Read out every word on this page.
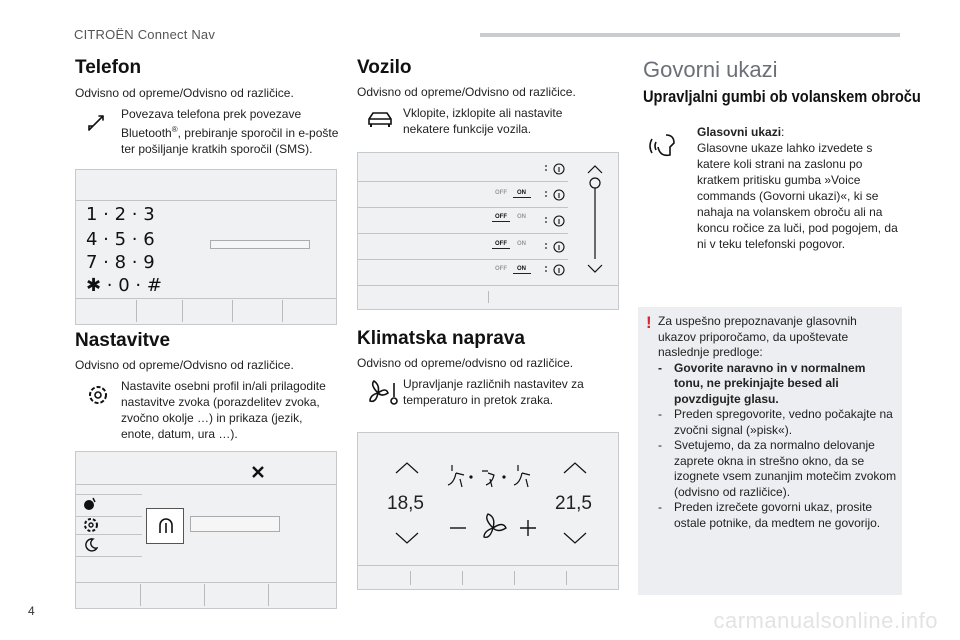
CITROËN Connect Nav
Telefon
Odvisno od opreme/Odvisno od različice.
Povezava telefona prek povezave Bluetooth®, prebiranje sporočil in e-pošte ter pošiljanje kratkih sporočil (SMS).
1 · 2 · 3
4 · 5 · 6
7 · 8 · 9
✱ · 0 · #
Nastavitve
Odvisno od opreme/Odvisno od različice.
Nastavite osebni profil in/ali prilagodite nastavitve zvoka (porazdelitev zvoka, zvočno okolje …) in prikaza (jezik, enote, datum, ura …).
Vozilo
Odvisno od opreme/Odvisno od različice.
Vklopite, izklopite ali nastavite nekatere funkcije vozila.
OFF ON
OFF ON
OFF ON
OFF ON
Klimatska naprava
Odvisno od opreme/odvisno od različice.
Upravljanje različnih nastavitev za temperaturo in pretok zraka.
18,5	21,5
Govorni ukazi
Upravljalni gumbi ob volanskem obroču
Glasovni ukazi:
Glasovne ukaze lahko izvedete s katere koli strani na zaslonu po kratkem pritisku gumba »Voice commands (Govorni ukazi)«, ki se nahaja na volanskem obroču ali na koncu ročice za luči, pod pogojem, da ni v teku telefonski pogovor.
! Za uspešno prepoznavanje glasovnih ukazov priporočamo, da upoštevate naslednje predloge:
- Govorite naravno in v normalnem tonu, ne prekinjajte besed ali povzdigujte glasu.
- Preden spregovorite, vedno počakajte na zvočni signal (»pisk«).
- Svetujemo, da za normalno delovanje zaprete okna in strešno okno, da se izognete vsem zunanjim motečim zvokom (odvisno od različice).
- Preden izrečete govorni ukaz, prosite ostale potnike, da medtem ne govorijo.
4	carmanualsonline.info
